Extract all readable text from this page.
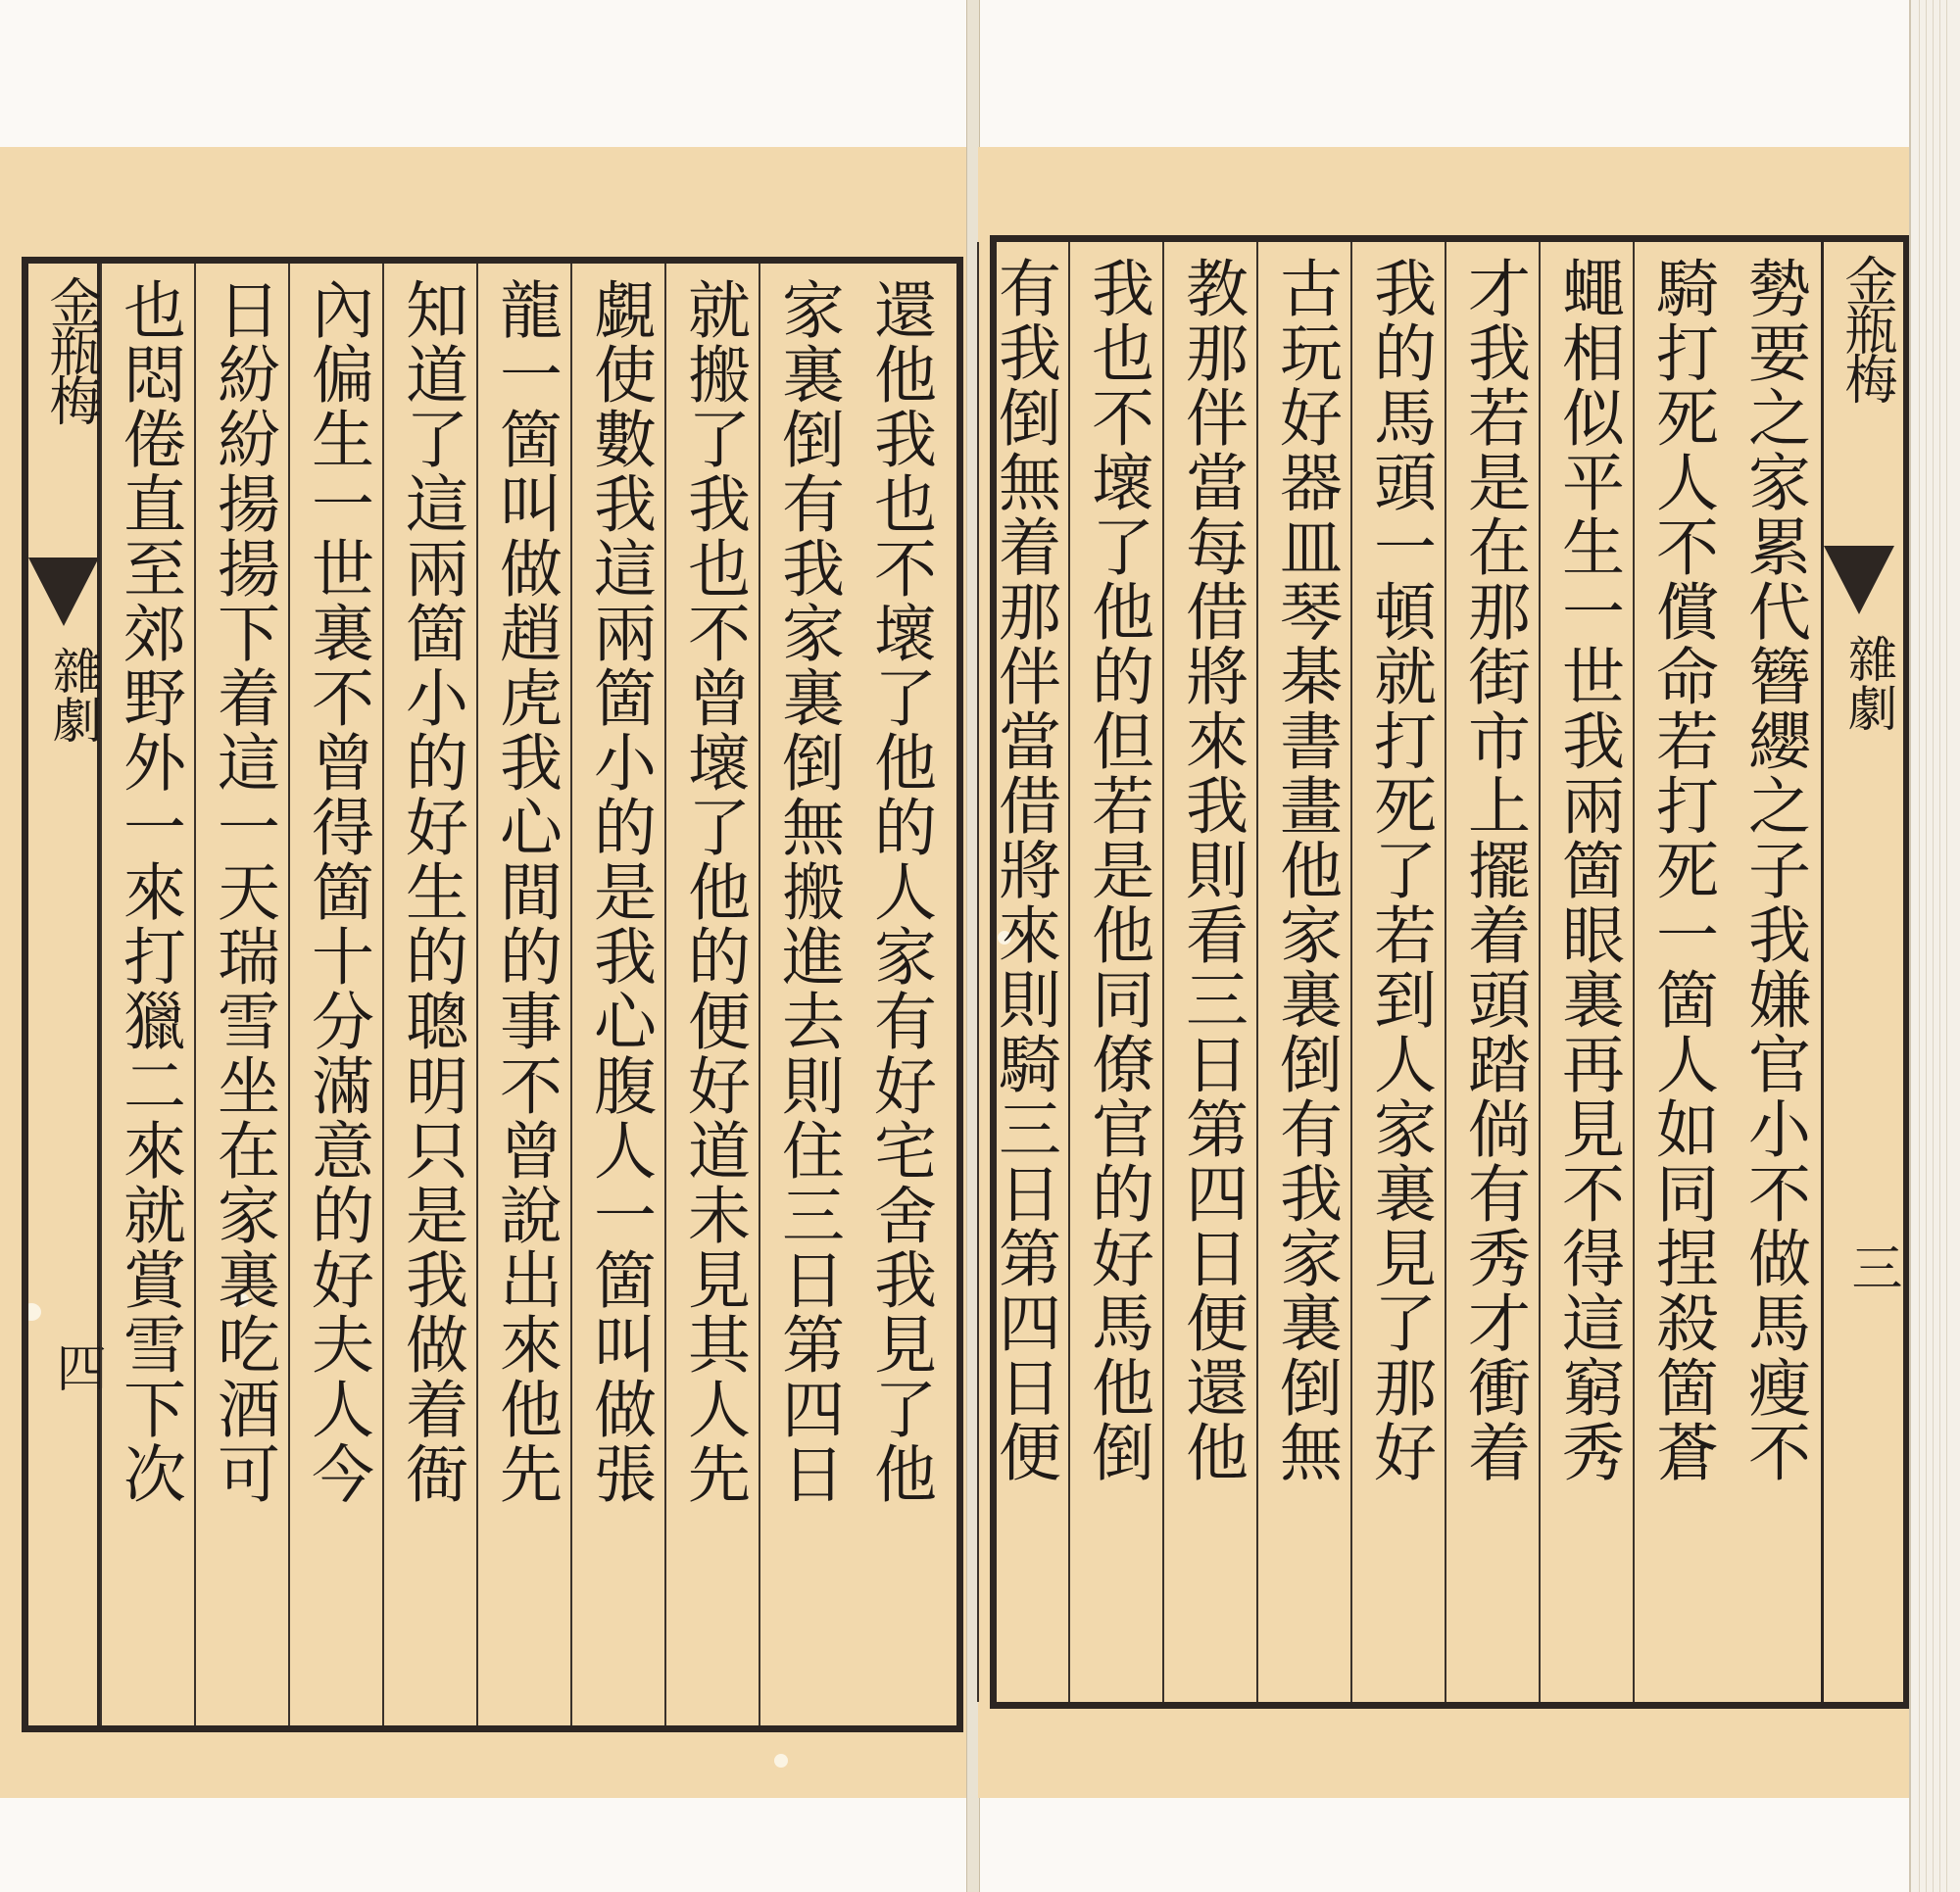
金瓶梅
雜劇
四	還他我也不壞了他的人家有好宅舍我見了他
家裏倒有我家裏倒無搬進去則住三日第四日
就搬了我也不曾壞了他的便好道未見其人先
覷使數我這兩箇小的是我心腹人一箇叫做張
龍一箇叫做趙虎我心間的事不曾說出來他先
知道了這兩箇小的好生的聰明只是我做着衙
內偏生一世裏不曾得箇十分滿意的好夫人今
日紛紛揚揚下着這一天瑞雪坐在家裏吃酒可
也悶倦直至郊野外一來打獵二來就賞雪下次	勢要之家累代簪纓之子我嫌官小不做馬瘦不
騎打死人不償命若打死一箇人如同捏殺箇蒼
蠅相似平生一世我兩箇眼裏再見不得這窮秀
才我若是在那街市上擺着頭踏倘有秀才衝着
我的馬頭一頓就打死了若到人家裏見了那好
古玩好器皿琴棊書畫他家裏倒有我家裏倒無
教那伴當每借將來我則看三日第四日便還他
我也不壞了他的但若是他同僚官的好馬他倒
有我倒無着那伴當借將來則騎三日第四日便	金瓶梅
雜劇
三
